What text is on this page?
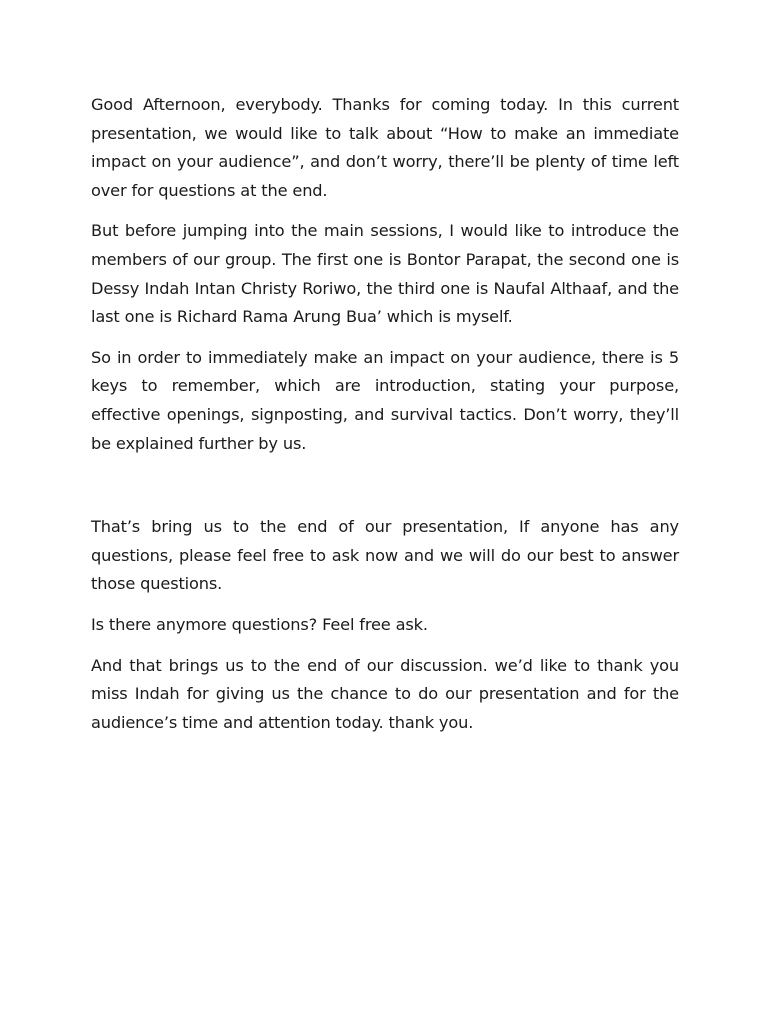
Good Afternoon, everybody. Thanks for coming today. In this current presentation, we would like to talk about “How to make an immediate impact on your audience”, and don’t worry, there’ll be plenty of time left over for questions at the end.

But before jumping into the main sessions, I would like to introduce the members of our group. The first one is Bontor Parapat, the second one is Dessy Indah Intan Christy Roriwo, the third one is Naufal Althaaf, and the last one is Richard Rama Arung Bua’ which is myself.

So in order to immediately make an impact on your audience, there is 5 keys to remember, which are introduction, stating your purpose, effective openings, signposting, and survival tactics. Don’t worry, they’ll be explained further by us.

That’s bring us to the end of our presentation, If anyone has any questions, please feel free to ask now and we will do our best to answer those questions.

Is there anymore questions? Feel free ask.

And that brings us to the end of our discussion. we’d like to thank you miss Indah for giving us the chance to do our presentation and for the audience’s time and attention today. thank you.
